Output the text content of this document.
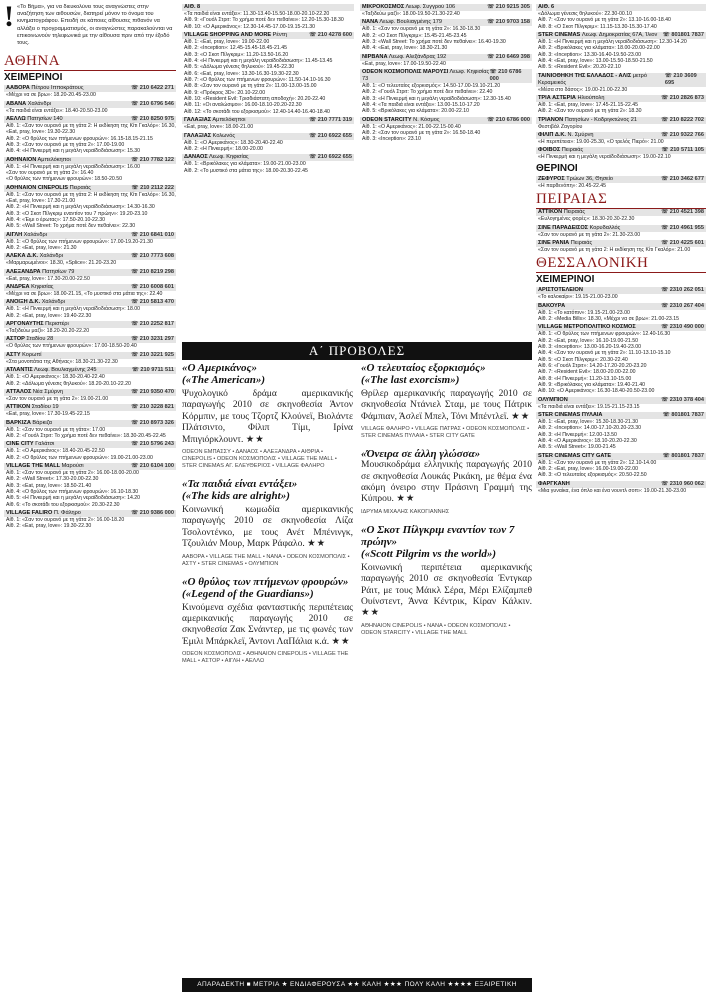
! «Το Βήμα», για να διευκολύνει τους αναγνώστες στην αναζήτηση των αιθουσών, διατηρεί μόνον το όνομα του κινηματογράφου. Επειδή σε κάποιες αίθουσες πιθανόν να αλλάξει ο προγραμματισμός, οι αναγνώστες παρακαλούνται να επικοινωνούν τηλεφωνικά με την αίθουσα πριν από την έξοδό τους.
ΑΘΗΝΑ
ΧΕΙΜΕΡΙΝΟΙ
ΑΑΒΟΡΑ Πέτρου Ιπποκράτους	☏ 210 6422 271
«Μέχρι να σε βρω»: 18.20-20.45-23.00
ΑΒΑΝΑ Χαλάνδρι	☏ 210 6796 546
«Τα παιδιά είναι εντάξει»: 18.40-20.50-23.00
ΑΕΛΛΩ Πατησίων 140	☏ 210 8250 975
Αίθ. 1: «Σαν τον ουρανό με τη γάτα 2: Η εκδίκηση της Κίτι Γκαλόρ»: 16.30, «Εat, pray, love»: 19.30-22.30
Αίθ. 2: «Ο θρύλος των πτήμενων φρουρών»: 16.15-18.15-21.15
Αίθ. 3: «Σαν τον ουρανό με τη γάτα 2»: 17.00-19.00
Αίθ. 4: «Η Πινκερμή και η μεγάλη νεραϊδοδιάσωση»: 15.30
ΑΘΗΝΑΙΟΝ Αμπελόκηποι	☏ 210 7782 122
Αίθ. 1: «Η Πινκερμή και η μεγάλη νεραϊδοδιάσωση»: 16.00
«Σαν τον ουρανό με τη γάτα 2»: 16.40
«Ο θρύλος των πτήμενων φρουρών»: 18.50-20.50
ΑΘΗΝΑΙΟΝ CINEPOLIS Πειραιάς	☏ 210 2112 222
Αίθ. 1: «Σαν τον ουρανό με τη γάτα 2: Η εκδίκηση της Κίτι Γκαλόρ»: 16.30, «Εat, pray, love»: 17.30-21.00
Αίθ. 2: «Η Πινκερμή και η μεγάλη νεραϊδοδιάσωση»: 14.30-16.30
Αίθ. 3: «Ο Σκοτ Πίλγκριμ εναντίον του 7 πρώην»: 19.20-23.10
Αίθ. 4: «Έιμι ο έρωτας»: 17.50-20.10-22.30
Αίθ. 5: «Wall Street: Το χρήμα ποτέ δεν πεθαίνει»: 22.30
ΑΙΓΛΗ Χαλάνδρι	☏ 210 6841 010
Αίθ. 1: «Ο θρύλος των πτήμενων φρουρών»: 17.00-19.20-21.30
Αίθ. 2: «Εat, pray, love»: 21.30
ΑΛΕΚΑ Δ.Κ. Χαλάνδρι	☏ 210 7773 608
«Μαρμαρωμένοι»: 18.30, «Splice»: 21.20-23.20
ΑΛΕΞΑΝΔΡΑ Πατησίων 79	☏ 210 8219 298
«Εat, pray, love»: 17.30-20.00-22.50
ΑΝΔΡΕΑ Κηφισίας	☏ 210 6008 601
«Μέχρι να σε βρω»: 18.00-21.15, «Το μυστικό στα μάτια της»: 22.40
ΑΝΟΙΞΗ Δ.Κ. Χαλάνδρι	☏ 210 5813 470
Αίθ. 1: «Η Πινκερμή και η μεγάλη νεραϊδοδιάσωση»: 18.00
Αίθ. 2: «Εat, pray, love»: 19.40-22.30
ΑΡΓΟΝΑΥΤΗΣ Περιστέρι	☏ 210 2252 817
«Ταξιδεύω μαζί»: 18.20-20.20-22.20
ΑΣΤΟΡ Σταδίου 28	☏ 210 3231 297
«Ο θρύλος των πτήμενων φρουρών»: 17.00-18.50-20.40
ΑΣΤΥ Κορωπί	☏ 210 3221 925
«Στα μονοπάτια της Αθήνας»: 18.30-21.30-22.30
ΑΤΛΑΝΤΙΣ Λεωφ. Βουλιαγμένης 245	☏ 210 9711 511
Αίθ. 1: «Ο Αμερικάνος»: 18.30-20.40-22.40
Αίθ. 2: «Δόλωμα γένεσις θηλυκού»: 18.20-20.10-22.20
ΑΤΤΑΛΟΣ Νέα Σμύρνη	☏ 210 9350 470
«Σαν τον ουρανό με τη γάτα 2»: 19.00-21.00
ΑΤΤΙΚΟΝ Σταδίου 19	☏ 210 3228 821
«Εat, pray, love»: 17.30-19.45-22.15
ΒΑΡΚΙΖΑ Βάρκιζα	☏ 210 8973 326
Αίθ. 1: «Σαν τον ουρανό με τη γάτα»: 17.00
Αίθ. 2: «Γουόλ Στριτ: Το χρήμα ποτέ δεν πεθαίνει»: 18.30-20.45-22.45
CINE CITY Γαλάτσι	☏ 210 5796 243
Αίθ. 1: «Ο Αμερικάνος»: 18.40-20.45-22.50
Αίθ. 2: «Ο θρύλος των πτήμενων φρουρών»: 19.00-21.00-23.00
VILLAGE THE MALL Μαρούσι	☏ 210 6104 100
Αίθ. 1: «Σαν τον ουρανό με τη γάτα 2»: 16.00-18.00-20.00
Αίθ. 2: «Wall Street»: 17.30-20.00-22.30
Αίθ. 3: «Εat, pray, love»: 18.50-21.40
Αίθ. 4: «Ο θρύλος των πτήμενων φρουρών»: 16.10-18.30
Αίθ. 5: «Η Πινκερμή και η μεγάλη νεραϊδοδιάσωση»: 14.20
Αίθ. 6: «Το σκοτάδι του εξορκισμού»: 20.30-22.30
VILLAGE FALIRO Π. Φάληρο	☏ 210 9386 000
Αίθ. 1: «Σαν τον ουρανό με τη γάτα 2»: 16.00-18.20
Αίθ. 2: «Εat, pray, love»: 19.30-22.30
ΑΙΘ. 8
«Τα παιδιά είναι εντάξει»: 11.30-13.40-15.50-18.00-20.10-22.20
Αίθ. 9: «Γουόλ Στριτ: Το χρήμα ποτέ δεν πεθαίνει»: 12.20-15.30-18.30
Αίθ. 10: «Ο Αμερικάνος»: 12.30-14.45-17.00-19.15-21.30
VILLAGE SHOPPING AND MORE Ρέντη	☏ 210 4278 600
Αίθ. 1: «Εat, pray, love»: 19.00-22.00
Αίθ. 2: «Inception»: 12.45-15.45-18.45-21.45
Αίθ. 3: «Ο Σκοτ Πίλγκριμ»: 11.20-13.50-16.20
Αίθ. 4: «Η Πινκερμή και η μεγάλη νεραϊδοδιάσωση»: 11.45-13.45
Αίθ. 5: «Δόλωμα γένεσις θηλυκού»: 19.45-22.30
Αίθ. 6: «Εat, pray, love»: 13.30-16.30-19.30-22.30
Αίθ. 7: «Ο θρύλος των πτήμενων φρουρών»: 11.50-14.10-16.30
Αίθ. 8: «Σαν τον ουρανό με τη γάτα 2»: 11.00-13.00-15.00
Αίθ. 9: «Πρόκρος 3D»: 20.10-22.00
Αίθ. 10: «Resident Evil: Τρισδιάστατη αποδοχή»: 20.20-22.40
Αίθ. 11: «Οι αναλώσιμοι»: 16.00-18.10-20.20-22.30
Αίθ. 12: «Το σκοτάδι του εξορκισμού»: 12.40-14.40-16.40-18.40
ΓΑΛΑΞΙΑΣ Αμπελόκηποι	☏ 210 7771 319
«Εat, pray, love»: 18.00-21.00
ΓΑΛΑΞΙΑΣ Κολωνός	☏ 210 6922 655
Αίθ. 1: «Ο Αμερικάνος»: 18.30-20.40-22.40
Αίθ. 2: «Η Πινκερμή»: 18.00-20.00
ΔΑΝΑΟΣ Λεωφ. Κηφισίας	☏ 210 6922 655
Αίθ. 1: «Βρικόλακες για κλάματα»: 19.00-21.00-23.00
Αίθ. 2: «Το μυστικό στα μάτια της»: 18.00-20.30-22.45
ΜΙΚΡΟΚΟΣΜΟΣ Λεωφ. Συγγρού 106	☏ 210 9215 305
«Ταξιδεύω μαζί»: 18.00-19.50-21.30-22.40
ΝΑΝΑ Λεωφ. Βουλιαγμένης 179	☏ 210 9703 158
Αίθ. 1: «Σαν τον ουρανό με τη γάτα 2»: 16.30-18.30
Αίθ. 2: «Ο Σκοτ Πίλγκριμ»: 15.45-21.45-23.45
Αίθ. 3: «Wall Street: Το χρήμα ποτέ δεν πεθαίνει»: 16.40-19.30
Αίθ. 4: «Εat, pray, love»: 18.30-21.30
ΝΙΡΒΑΝΑ Λεωφ. Αλεξάνδρας 192	☏ 210 6469 398
«Εat, pray, love»: 17.00-19.50-22.40
ODEON ΚΟΣΜΟΠΟΛΙΣ ΜΑΡΟΥΣΙ Λεωφ. Κηφισίας 73
☏ 210 6786 000
Αίθ. 1: «Ο τελευταίος εξορκισμός»: 14.50-17.00-19.10-21.20
Αίθ. 2: «Γουόλ Στριτ: Το χρήμα ποτέ δεν πεθαίνει»: 22.40
Αίθ. 3: «Η Πινκερμή και η μεγάλη νεραϊδοδιάσωση»: 12.30-15.40
Αίθ. 4: «Τα παιδιά είναι εντάξει»: 13.00-15.10-17.20
Αίθ. 5: «Βρικόλακες για κλάματα»: 20.00-22.10
ODEON STARCITY Ν. Κόσμος	☏ 210 6786 000
Αίθ. 1: «Ο Αμερικάνος»: 21.00-22.15-00.40
Αίθ. 2: «Σαν τον ουρανό με τη γάτα 2»: 16.50-18.40
Αίθ. 3: «Inception»: 23.10
ΑΙΘ. 6
«Δόλωμα γένεσις θηλυκού»: 22.30-00.10
Αίθ. 7: «Σαν τον ουρανό με τη γάτα 2»: 13.10-16.00-18.40
Αίθ. 8: «Ο Σκοτ Πίλγκριμ»: 11.15-13.30-15.30-17.40
STER CINEMAS Λεωφ. Δημοκρατίας 67Α, Ίλιον ☏ 801801 7837
Αίθ. 1: «Η Πινκερμή και η μεγάλη νεραϊδοδιάσωση»: 12.30-14.20
Αίθ. 2: «Βρικόλακες για κλάματα»: 18.00-20.00-22.00
Αίθ. 3: «Inception»: 13.30-16.40-19.50-23.00
Αίθ. 4: «Εat, pray, love»: 13.00-15.50-18.50-21.50
Αίθ. 5: «Resident Evil»: 20.20-22.10
ΤΑΙΝΙΟΘΗΚΗ ΤΗΣ ΕΛΛΑΔΟΣ - ΑΛΙΣ μετρό Κεραμεικός
☏ 210 3609 695
«Μέσα στο δάσος»: 19.00-21.00-22.30
ΤΡΙΑ ΑΣΤΕΡΙΑ Ηλιούπολη	☏ 210 2826 873
Αίθ. 1: «Εat, pray, love»: 17.45-21.15-22.45
Αίθ. 2: «Σαν τον ουρανό με τη γάτα 2»: 18.30
ΤΡΙΑΝΟΝ Πατησίων - Κοδριγκτώνος 21	☏ 210 8222 702
Φεστιβάλ Ζαγορίου
ΦΙΛΙΠ Δ.Κ. Ν. Σμύρνη	☏ 210 9322 766
«Η περιπέτεια»: 19.00-25.30, «Ο τρελός Πιερό»: 21.00
ΦΟΙΒΟΣ Πειραιάς	☏ 210 5711 105
«Η Πινκερμή και η μεγάλη νεραϊδοδιάσωση»: 19.00-22.10
ΘΕΡΙΝΟΙ
ΖΕΦΥΡΟΣ Τρώων 36, Θησείο	☏ 210 3462 677
«Η παρθενόπη»: 20.45-22.45
ΠΕΙΡΑΙΑΣ
ΑΤΤΙΚΟΝ Πειραιάς	☏ 210 4521 398
«Ευλογημένες φορές»: 18.30-20.30-22.30
ΣΙΝΕ ΠΑΡΑΔΕΙΣΟΣ Κορυδαλλός	☏ 210 4961 955
«Σαν τον ουρανό με τη γάτα 2»: 21.30-23.00
ΣΙΝΕ ΡΑΝΙΑ Πειραιάς	☏ 210 4225 601
«Σαν τον ουρανό με τη γάτα 2: Η εκδίκηση της Κίτι Γκαλόρ»: 21.00
ΘΕΣΣΑΛΟΝΙΚΗ
ΧΕΙΜΕΡΙΝΟΙ
ΑΡΙΣΤΟΤΕΛΕΙΟΝ	☏ 2310 262 051
«Το καλοκαίρι»: 19.15-21.00-23.00
ΒΑΚΟΥΡΑ	☏ 2310 267 404
Αίθ. 1: «To κατόπιν»: 19.15-21.00-23.00
Αίθ. 2: «Media Bills»: 18.30, «Μέχρι να σε βρω»: 21.00-23.15
VILLAGE ΜΕΤΡΟΠΟΛΙΤΙΚΟ ΚΟΣΜΟΣ	☏ 2310 490 000
Αίθ. 1: «Ο θρύλος των πτήμενων φρουρών»: 12.40-16.30
Αίθ. 2: «Εat, pray, love»: 16.10-19.00-21.50
Αίθ. 3: «Inception»: 13.00-16.20-19.40-23.00
Αίθ. 4: «Σαν τον ουρανό με τη γάτα 2»: 11.10-13.10-15.10
Αίθ. 5: «Ο Σκοτ Πίλγκριμ»: 20.30-22.40
Αίθ. 6: «Γουόλ Στριτ»: 14.20-17.20-20.20-23.20
Αίθ. 7: «Resident Evil»: 18.00-20.00-22.00
Αίθ. 8: «Η Πινκερμή»: 11.20-13.10-15.00
Αίθ. 9: «Βρικόλακες για κλάματα»: 19.40-21.40
Αίθ. 10: «Ο Αμερικάνος»: 16.30-18.40-20.50-23.00
ΟΛΥΜΠΙΟΝ	☏ 2310 378 404
«Τα παιδιά είναι εντάξει»: 19.15-21.15-23.15
STER CINEMAS ΠΥΛΑΙΑ	☏ 801801 7837
Αίθ. 1: «Εat, pray, love»: 15.30-18.30-21.30
Αίθ. 2: «Inception»: 14.00-17.10-20.20-23.30
Αίθ. 3: «Η Πινκερμή»: 12.00-13.50
Αίθ. 4: «Ο Αμερικάνος»: 18.10-20.20-22.30
Αίθ. 5: «Wall Street»: 19.00-21.45
STER CINEMAS CITY GATE	☏ 801801 7837
Αίθ. 1: «Σαν τον ουρανό με τη γάτα 2»: 12.10-14.00
Αίθ. 2: «Εat, pray, love»: 16.00-19.00-22.00
Αίθ. 3: «Ο τελευταίος εξορκισμός»: 20.50-22.50
ΦΑΡΓΚΑΝΗ	☏ 2310 960 062
«Μια γυναίκα, ένα όπλο και ένα νουντλ σοπ»: 19.00-21.30-23.00
Α΄ ΠΡΟΒΟΛΕΣ
«Ο Αμερικάνος»
(«The American»)
Ψυχολογικό δράμα αμερικανικής παραγωγής 2010 σε σκηνοθεσία Άντον Κόρμπιν, με τους Τζορτζ Κλούνεϊ, Βιολάντε Πλάτσιντο, Φίλιπ Τίμι, Ιρίνα Μπιγιόρκλουντ. ★★
ODEON ΕΜΠΑΣΣΥ • ΔΑΝΑΟΣ • ΑΛΕΞΑΝΔΡΑ • ΑΙΘΡΙΑ • CINEPOLIS • ODEON ΚΟΣΜΟΠΟΛΙΣ • VILLAGE THE MALL • STER CINEMAS ΑΓ. ΕΛΕΥΘΕΡΙΟΣ • VILLAGE ΦΑΛΗΡΟ
«Τα παιδιά είναι εντάξει»
(«The kids are alright»)
Κοινωνική κωμωδία αμερικανικής παραγωγής 2010 σε σκηνοθεσία Λίζα Τσολοντένκο, με τους Ανέτ Μπένινγκ, Τζουλιάν Μουρ, Μαρκ Ράφαλο. ★★
ΑΑΒΟΡΑ • VILLAGE THE MALL • ΝΑΝΑ • ODEON ΚΟΣΜΟΠΟΛΙΣ • ΑΣΤΥ • STER CINEMAS • ΟΛΥΜΠΙΟΝ
«Ο θρύλος των πτήμενων φρουρών»
(«Legend of the Guardians»)
Κινούμενα σχέδια φανταστικής περιπέτειας αμερικανικής παραγωγής 2010 σε σκηνοθεσία Ζακ Σνάιντερ, με τις φωνές των Έμιλι Μπάρκλεϊ, Άντονι ΛαΠάλια κ.ά. ★★
ODEON ΚΟΣΜΟΠΟΛΙΣ • ΑΘΗΝΑΙΟΝ CINEPOLIS • VILLAGE THE MALL • ΑΣΤΟΡ • ΑΙΓΛΗ • ΑΕΛΛΩ
«Ο τελευταίος εξορκισμός»
(«The last exorcism»)
Θρίλερ αμερικανικής παραγωγής 2010 σε σκηνοθεσία Ντάνιελ Σταμ, με τους Πάτρικ Φάμπιαν, Άσλεϊ Μπελ, Τόνι Μπέντλεϊ. ★★
VILLAGE ΦΑΛΗΡΟ • VILLAGE ΠΑΤΡΑΣ • ODEON ΚΟΣΜΟΠΟΛΙΣ • STER CINEMAS ΠΥΛΑΙΑ • STER CITY GATE
«Όνειρα σε άλλη γλώσσα»
Μουσικοδράμα ελληνικής παραγωγής 2010 σε σκηνοθεσία Λουκάς Ρικάκη, με θέμα ένα ακόμη όνειρο στην Πράσινη Γραμμή της Κύπρου. ★★
ΙΔΡΥΜΑ ΜΙΧΑΛΗΣ ΚΑΚΟΓΙΑΝΝΗΣ
«Ο Σκοτ Πίλγκριμ εναντίον των 7 πρώην»
(«Scott Pilgrim vs the world»)
Κοινωνική περιπέτεια αμερικανικής παραγωγής 2010 σε σκηνοθεσία Έντγκαρ Ράιτ, με τους Μάικλ Σέρα, Μέρι Ελίζαμπεθ Ουίνστεντ, Άννα Κέντρικ, Κίραν Κάλκιν. ★★
ΑΘΗΝΑΙΟΝ CINEPOLIS • ΝΑΝΑ • ODEON ΚΟΣΜΟΠΟΛΙΣ • ODEON STARCITY • VILLAGE THE MALL
ΑΠΑΡΑΔΕΚΤΗ ■ ΜΕΤΡΙΑ ★ ΕΝΔΙΑΦΕΡΟΥΣΑ ★★ ΚΑΛΗ ★★★ ΠΟΛΥ ΚΑΛΗ ★★★★ ΕΞΑΙΡΕΤΙΚΗ ★★★★★
